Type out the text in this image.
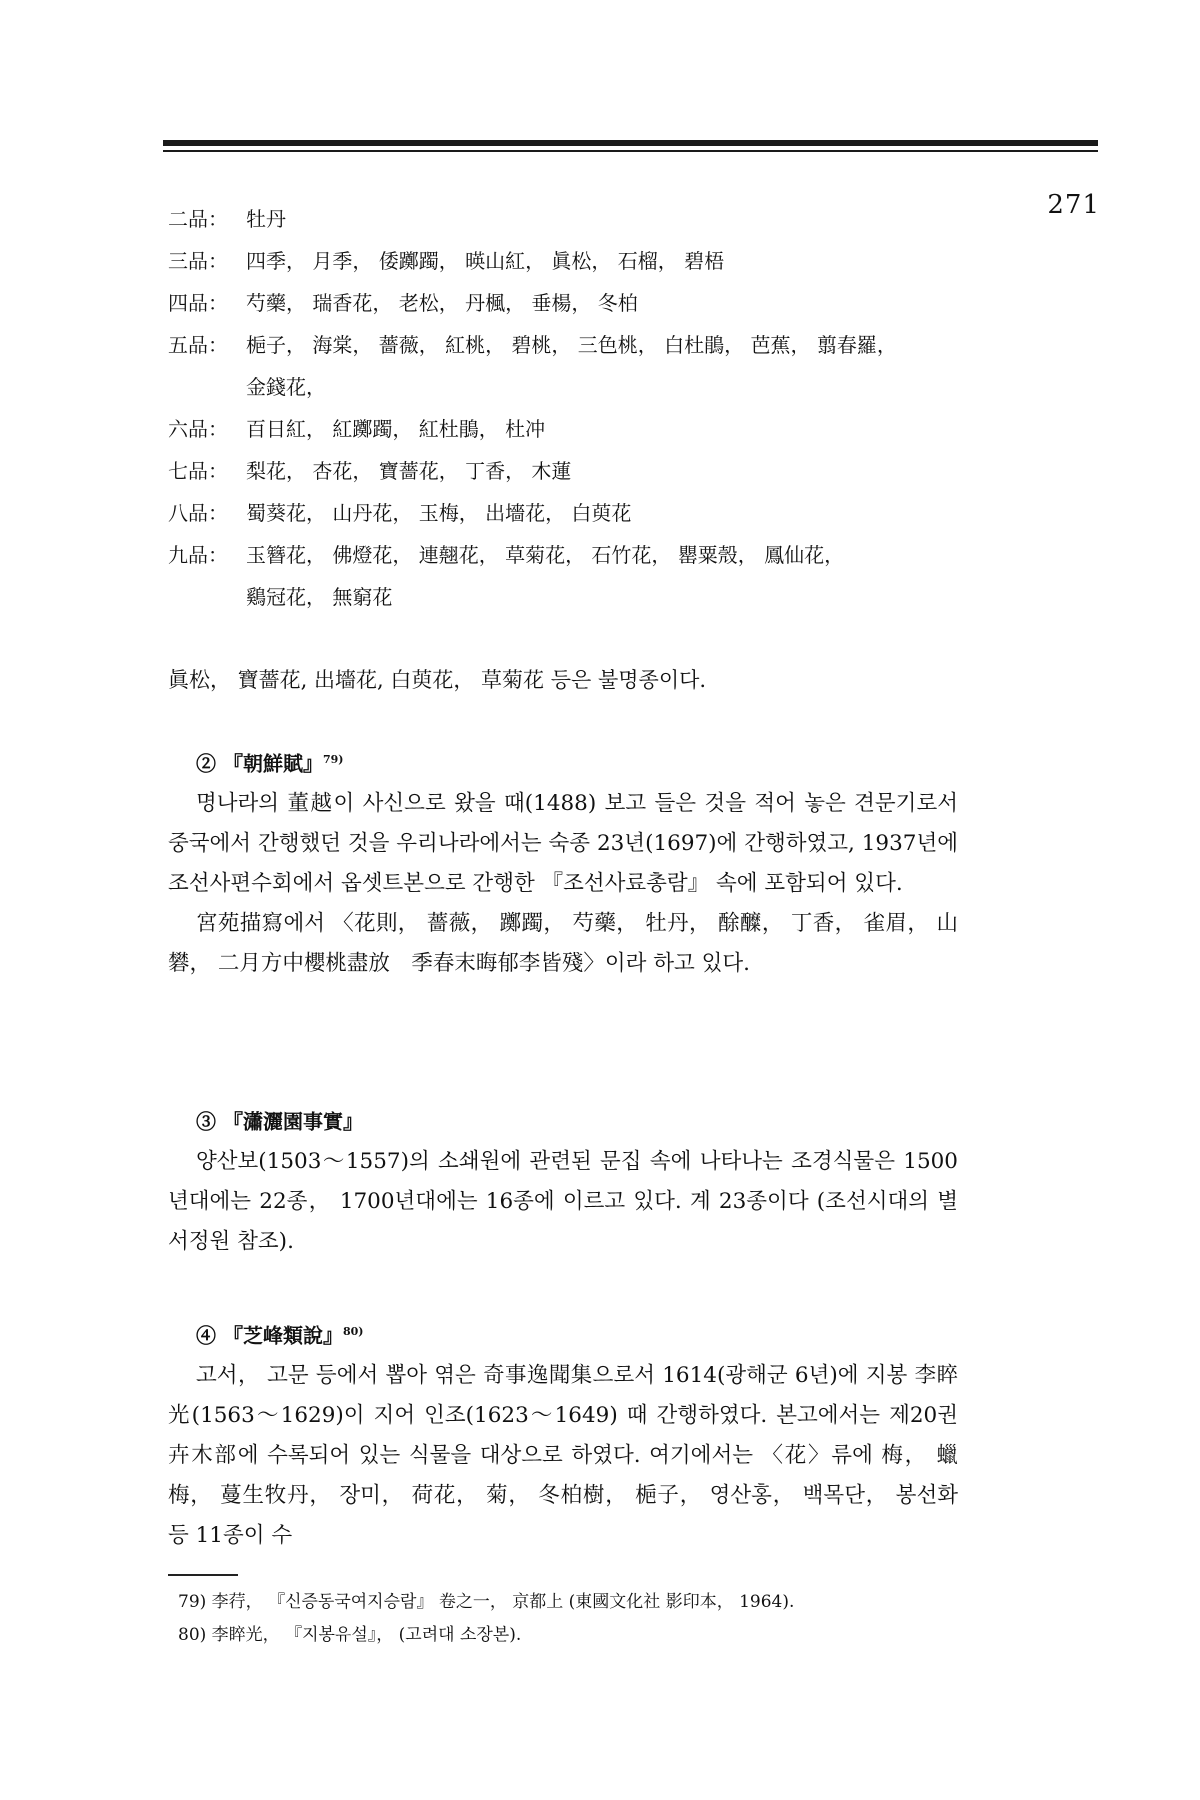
271
二品： 牡丹
三品： 四季， 月季， 倭躑躅， 暎山紅， 眞松， 石榴， 碧梧
四品： 芍藥， 瑞香花， 老松， 丹楓， 垂楊， 冬柏
五品： 梔子， 海棠， 薔薇， 紅桃， 碧桃， 三色桃， 白杜鵑， 芭蕉， 翦春羅，
金錢花，
六品： 百日紅， 紅躑躅， 紅杜鵑， 杜冲
七品： 梨花， 杏花， 寶薔花， 丁香， 木蓮
八品： 蜀葵花， 山丹花， 玉梅， 出墻花， 白萸花
九品： 玉簪花， 佛燈花， 連翹花， 草菊花， 石竹花， 罌粟殼， 鳳仙花，
鷄冠花， 無窮花
眞松， 寶薔花, 出墻花, 白萸花， 草菊花 등은 불명종이다.
② 『朝鮮賦』$^{79)}$

명나라의 董越이 사신으로 왔을 때(1488) 보고 들은 것을 적어 놓은 견문기로서 중국에서 간행했던 것을 우리나라에서는 숙종 23년(1697)에 간행하였고, 1937년에 조선사편수회에서 옵셋트본으로 간행한 『조선사료총람』 속에 포함되어 있다.

宮苑描寫에서 〈花則， 薔薇， 躑躅， 芍藥， 牡丹， 酴醾， 丁香， 雀眉， 山礬， 二月方中櫻桃盡放　季春末晦郁李皆殘〉이라 하고 있다.

③ 『瀟灑園事實』

양산보(1503～1557)의 소쇄원에 관련된 문집 속에 나타나는 조경식물은 1500년대에는 22종， 1700년대에는 16종에 이르고 있다. 계 23종이다 (조선시대의 별서정원 참조).

④ 『芝峰類說』$^{80)}$

고서， 고문 등에서 뽑아 엮은 奇事逸聞集으로서 1614(광해군 6년)에 지봉 李睟光(1563～1629)이 지어 인조(1623～1649) 때 간행하였다. 본고에서는 제20권 卉木部에 수록되어 있는 식물을 대상으로 하였다. 여기에서는 〈花〉류에 梅， 蠟梅， 蔓生牧丹， 장미， 荷花， 菊， 冬柏樹， 梔子， 영산홍， 백목단， 봉선화 등 11종이 수

79) 李荇， 『신증동국여지승람』 卷之一， 京都上 (東國文化社 影印本， 1964).
80) 李睟光， 『지봉유설』， (고려대 소장본).
